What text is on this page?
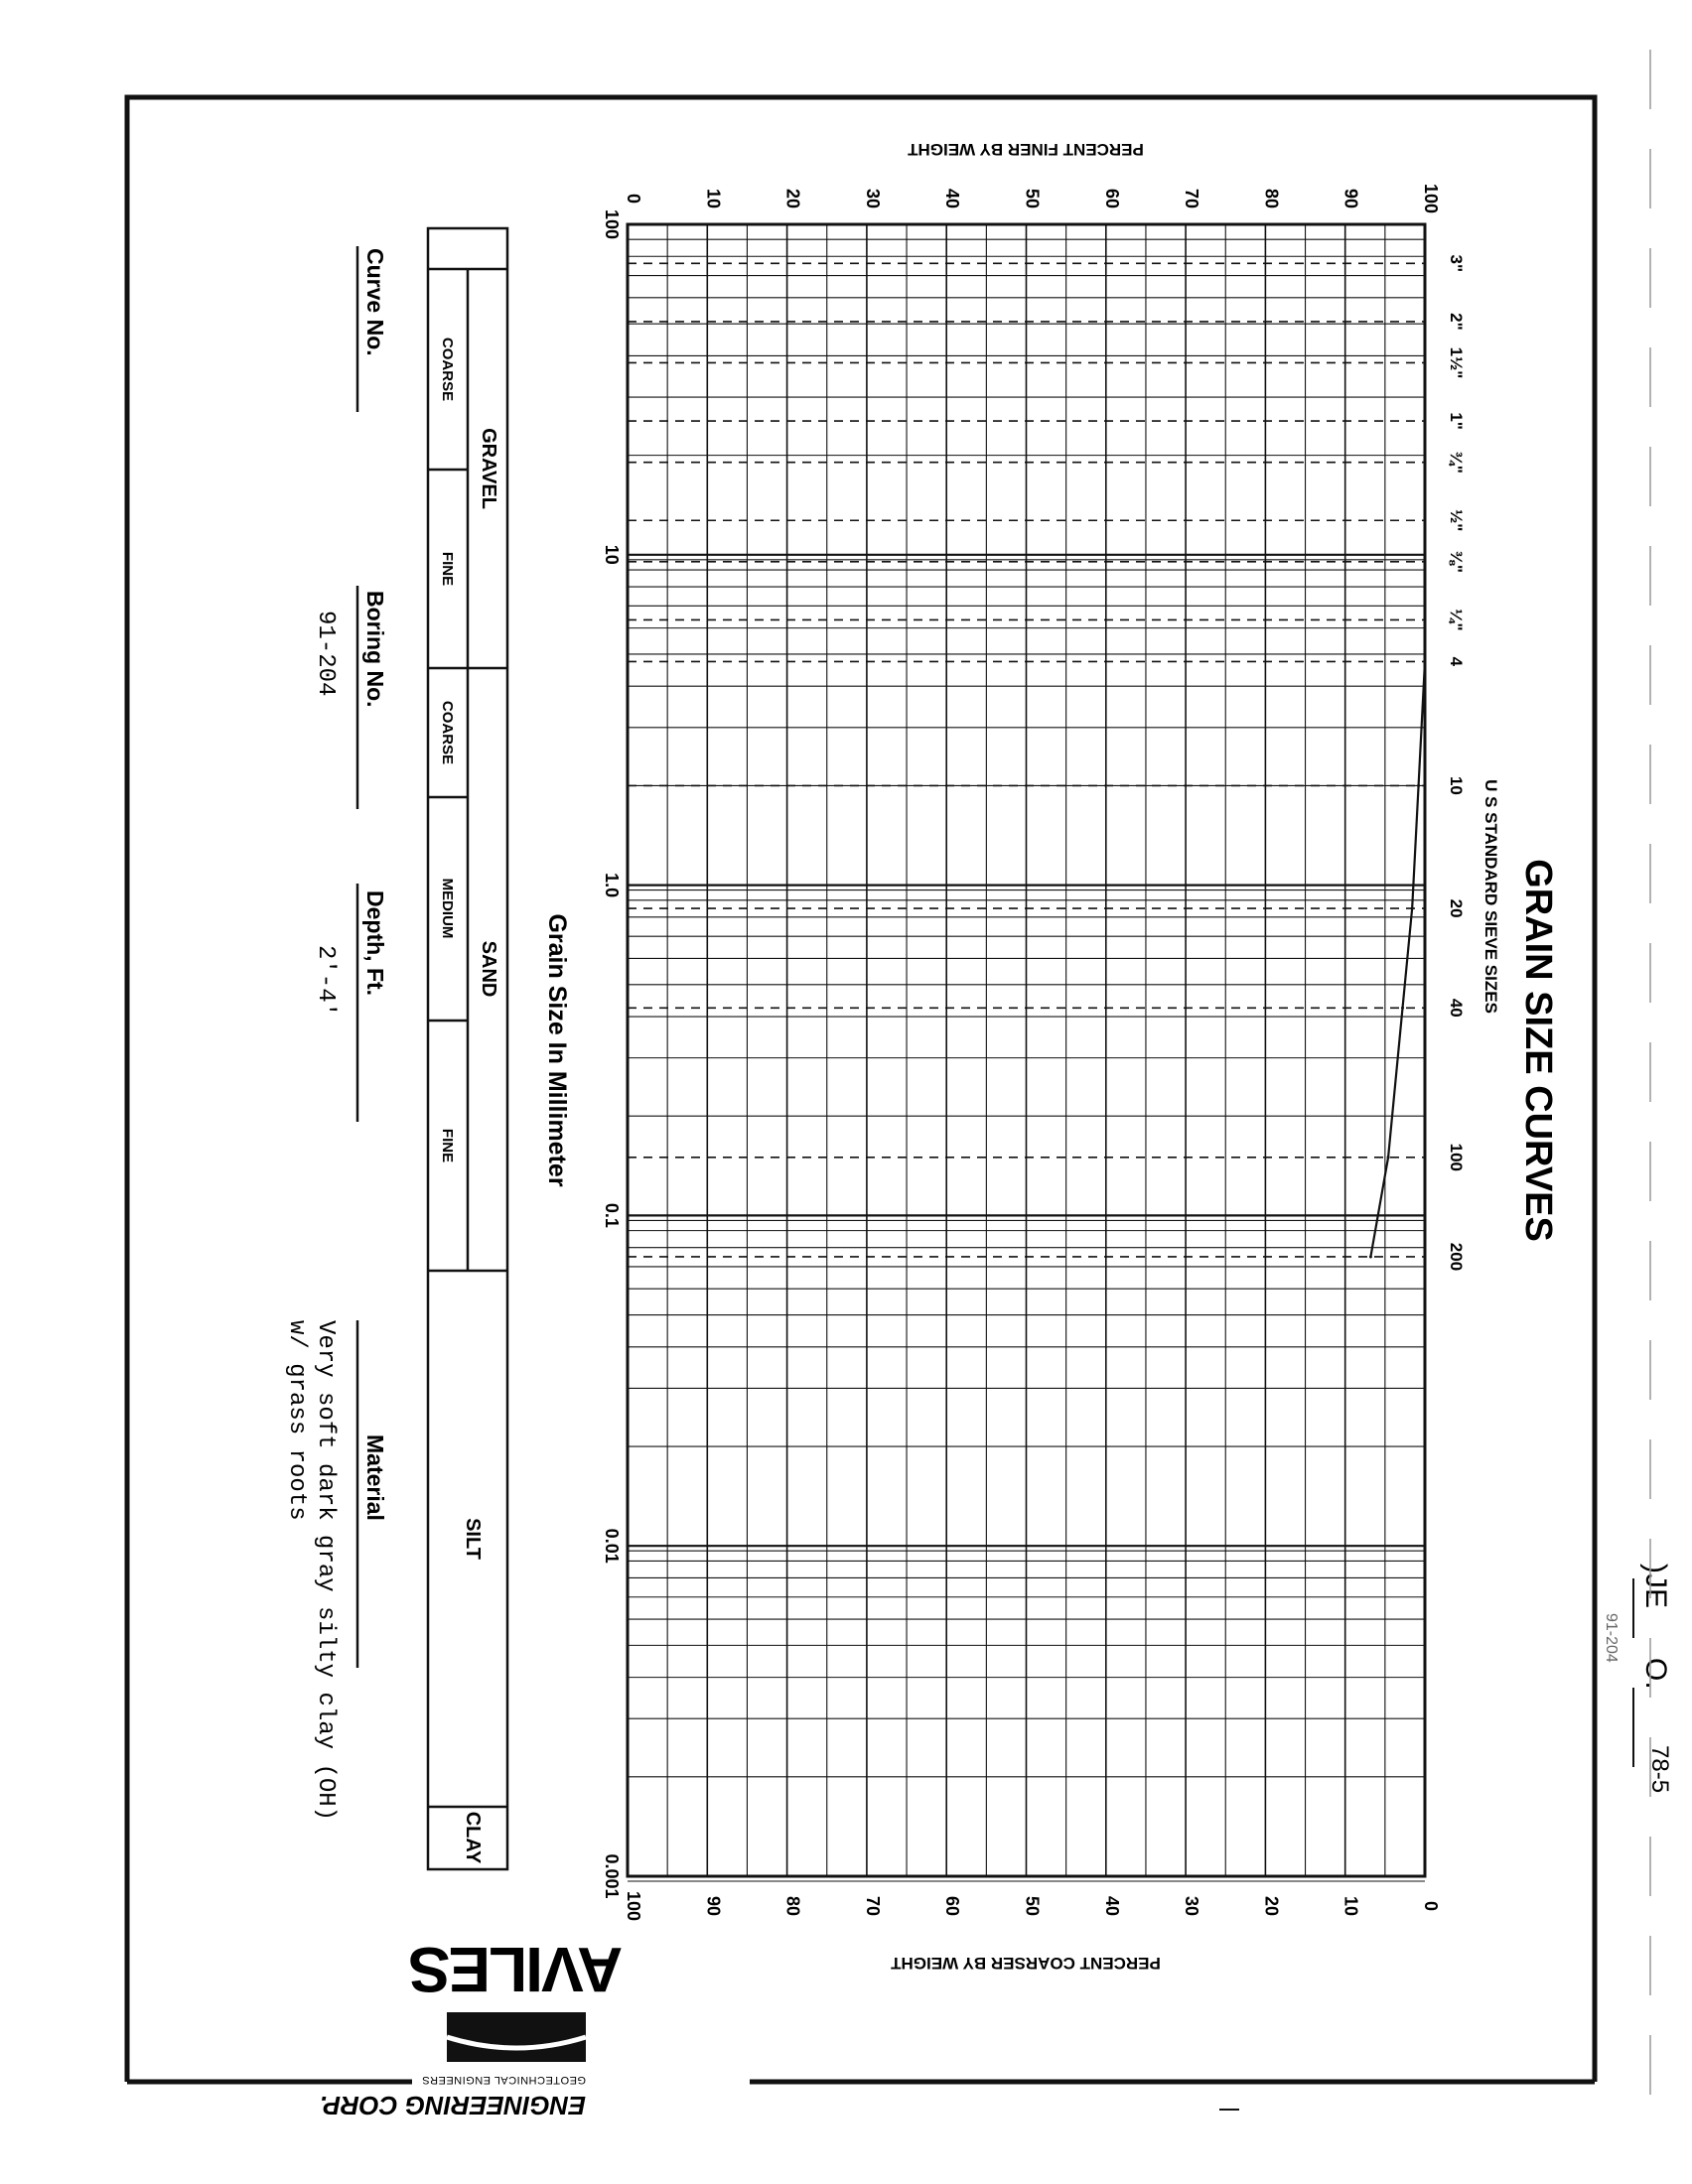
3"
2"
1½"
1"
¾"
½"
⅜"
¼"
4
10
20
40
100
200
100
10
1.0
0.1
0.01
0.001
0
100
10
90
20
80
30
70
40
60
50
50
60
40
70
30
80
20
90
10
100
0
GRAIN SIZE CURVES
U S STANDARD SIEVE SIZES
Grain Size In Millimeter
PERCENT FINER BY WEIGHT
PERCENT COARSER BY WEIGHT
GRAVEL
COARSE
FINE
SAND
COARSE
MEDIUM
FINE
SILT
CLAY
Curve No.
Boring No.
91-204
Depth, Ft.
2'-4'
Material
Very soft dark gray silty clay (OH)
w/ grass roots
ENGINEERING CORP.
GEOTECHNICAL ENGINEERS
AVILES
)JE
O.
78-5
91-204
